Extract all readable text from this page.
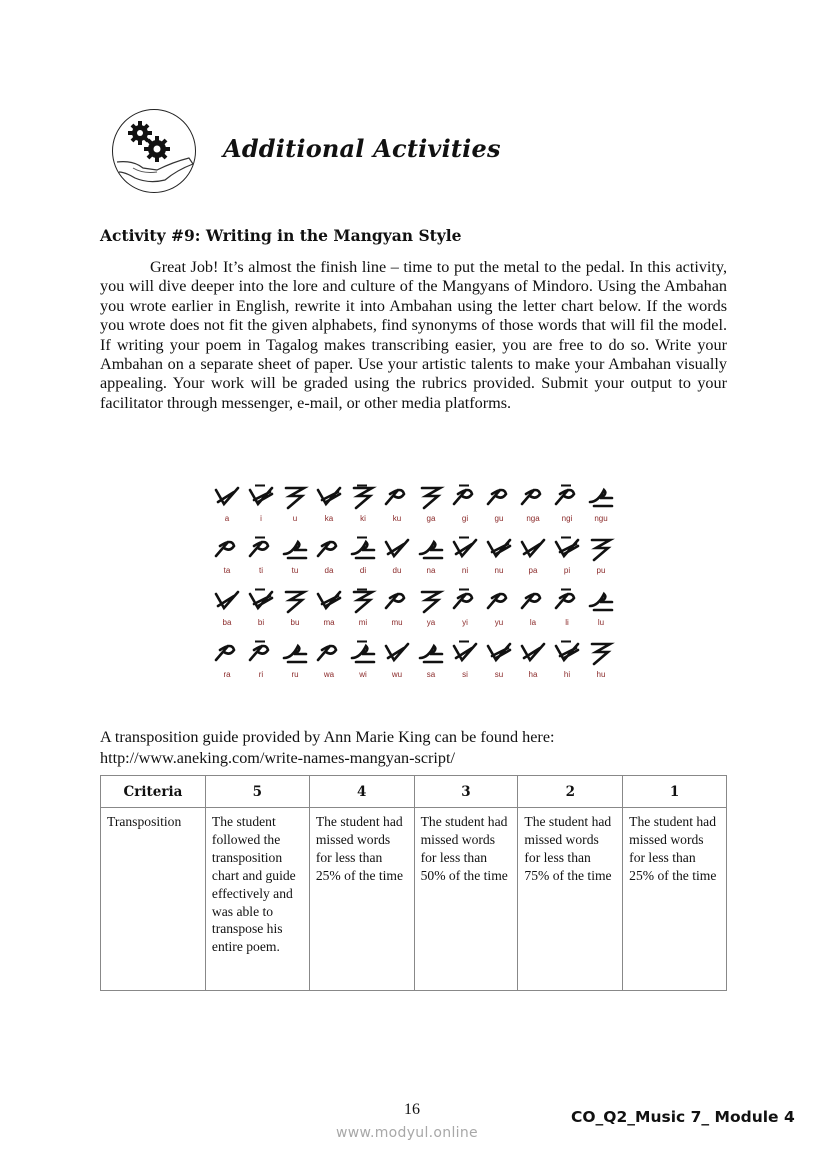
Additional Activities
Activity #9: Writing in the Mangyan Style
Great Job! It’s almost the finish line – time to put the metal to the pedal. In this activity, you will dive deeper into the lore and culture of the Mangyans of Mindoro. Using the Ambahan you wrote earlier in English, rewrite it into Ambahan using the letter chart below. If the words you wrote does not fit the given alphabets, find synonyms of those words that will fil the model. If writing your poem in Tagalog makes transcribing easier, you are free to do so. Write your Ambahan on a separate sheet of paper. Use your artistic talents to make your Ambahan visually appealing. Your work will be graded using the rubrics provided. Submit your output to your facilitator through messenger, e-mail, or other media platforms.
a	i	u	ka	ki	ku	ga	gi	gu	nga	ngi	ngu
ta	ti	tu	da	di	du	na	ni	nu	pa	pi	pu
ba	bi	bu	ma	mi	mu	ya	yi	yu	la	li	lu
ra	ri	ru	wa	wi	wu	sa	si	su	ha	hi	hu
A transposition guide provided by Ann Marie King can be found here:
http://www.aneking.com/write-names-mangyan-script/
Criteria	5	4	3	2	1
Transposition	The student followed the transposition chart and guide effectively and was able to transpose his entire poem.	The student had missed words for less than 25% of the time	The student had missed words for less than 50% of the time	The student had missed words for less than 75% of the time	The student had missed words for less than 25% of the time
16
www.modyul.online
CO_Q2_Music 7_ Module 4
